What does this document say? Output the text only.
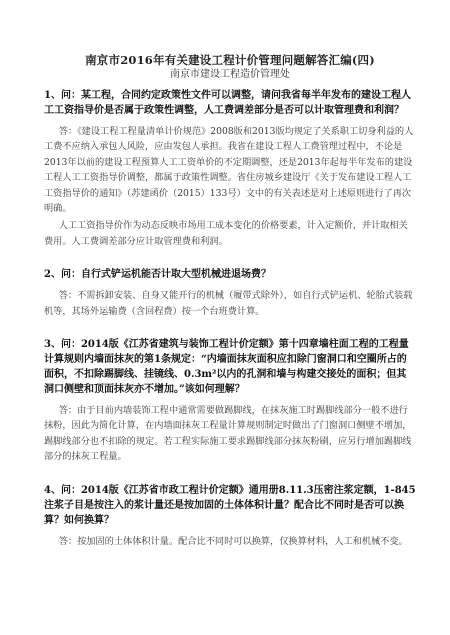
南京市2016年有关建设工程计价管理问题解答汇编(四)

南京市建设工程造价管理处

1、问：某工程，合同约定政策性文件可以调整，请问我省每半年发布的建设工程人工工资指导价是否属于政策性调整，人工费调差部分是否可以计取管理费和利润？

答：《建设工程工程量清单计价规范》2008版和2013版均规定了关系职工切身利益的人工费不应纳入承包人风险，应由发包人承担。我省在建设工程人工费管理过程中，不论是2013年以前的建设工程预算人工工资单价的不定期调整，还是2013年起每半年发布的建设工程人工工资指导价调整，都属于政策性调整。省住房城乡建设厅《关于发布建设工程人工工资指导价的通知》（苏建函价（2015）133号）文中的有关表述是对上述原则进行了再次明确。

人工工资指导价作为动态反映市场用工成本变化的价格要素，计入定额价，并计取相关费用。人工费调差部分应计取管理费和利润。

2、问：自行式铲运机能否计取大型机械进退场费？

答：不需拆卸安装、自身又能开行的机械（履带式除外），如自行式铲运机、轮胎式装载机等，其场外运输费（含回程费）按一个台班费计算。

3、问：2014版《江苏省建筑与装饰工程计价定额》第十四章墙柱面工程的工程量计算规则内墙面抹灰的第1条规定：“内墙面抹灰面积应扣除门窗洞口和空圈所占的面积，不扣除踢脚线、挂镜线、0.3m²以内的孔洞和墙与构建交接处的面积；但其洞口侧壁和顶面抹灰亦不增加。”该如何理解？

答：由于目前内墙装饰工程中通常需要做踢脚线，在抹灰施工时踢脚线部分一般不进行抹粉，因此为简化计算，在内墙面抹灰工程量计算规则制定时做出了门窗洞口侧壁不增加，踢脚线部分也不扣除的规定。若工程实际施工要求踢脚线部分抹灰粉刷，应另行增加踢脚线部分的抹灰工程量。

4、问：2014版《江苏省市政工程计价定额》通用册8.11.3压密注浆定额，1-845注浆子目是按注入的浆计量还是按加固的土体体积计量？配合比不同时是否可以换算？如何换算？

答：按加固的土体体积计量。配合比不同时可以换算，仅换算材料，人工和机械不变。
